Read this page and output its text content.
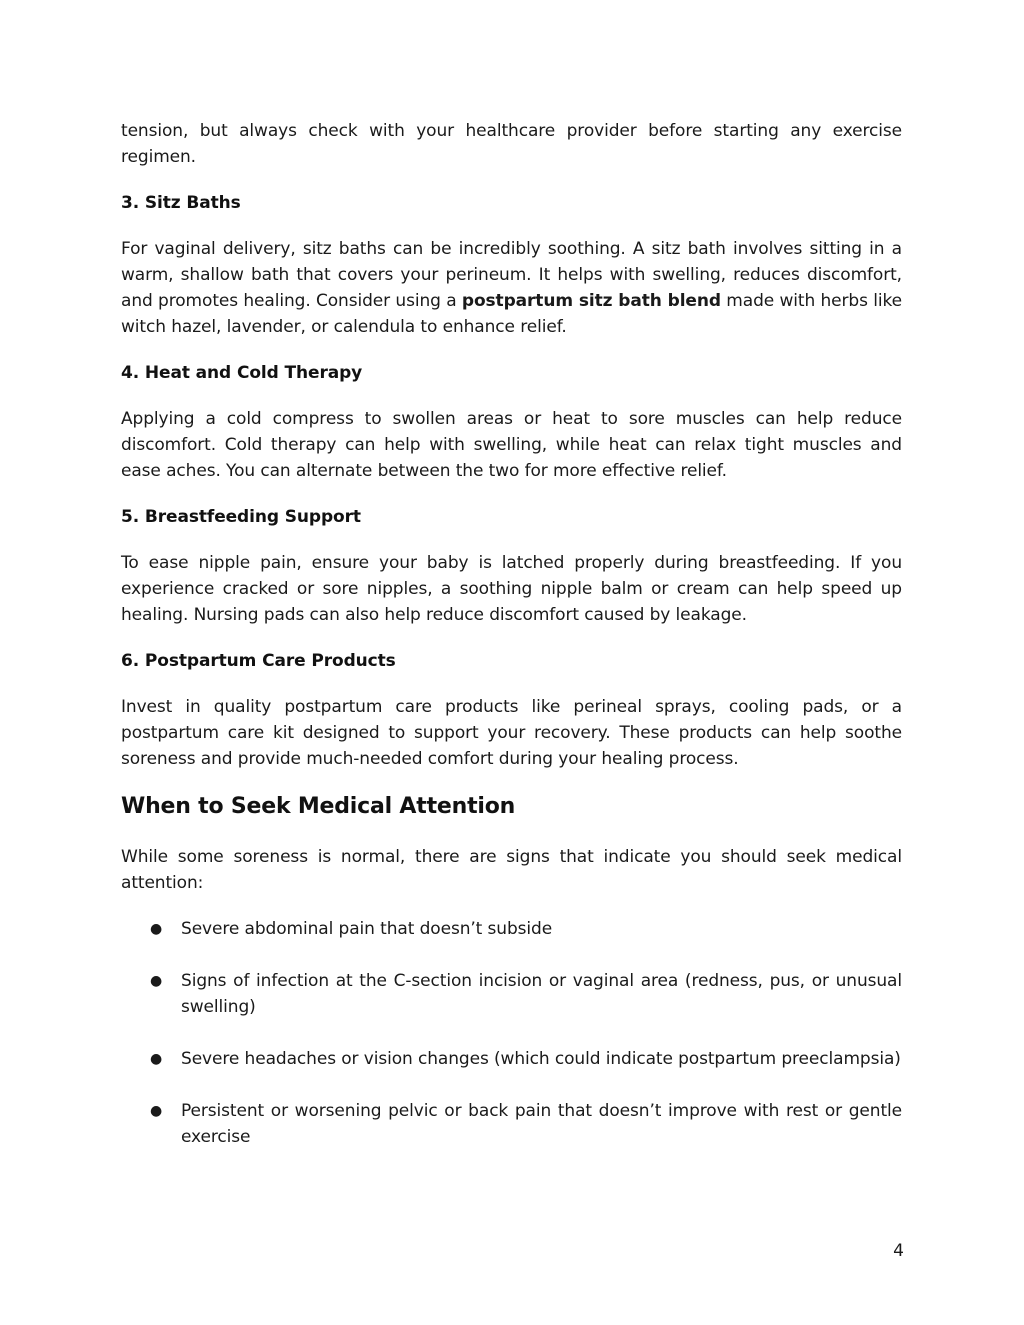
tension, but always check with your healthcare provider before starting any exercise regimen.

3. Sitz Baths

For vaginal delivery, sitz baths can be incredibly soothing. A sitz bath involves sitting in a warm, shallow bath that covers your perineum. It helps with swelling, reduces discomfort, and promotes healing. Consider using a postpartum sitz bath blend made with herbs like witch hazel, lavender, or calendula to enhance relief.

4. Heat and Cold Therapy

Applying a cold compress to swollen areas or heat to sore muscles can help reduce discomfort. Cold therapy can help with swelling, while heat can relax tight muscles and ease aches. You can alternate between the two for more effective relief.

5. Breastfeeding Support

To ease nipple pain, ensure your baby is latched properly during breastfeeding. If you experience cracked or sore nipples, a soothing nipple balm or cream can help speed up healing. Nursing pads can also help reduce discomfort caused by leakage.

6. Postpartum Care Products

Invest in quality postpartum care products like perineal sprays, cooling pads, or a postpartum care kit designed to support your recovery. These products can help soothe soreness and provide much-needed comfort during your healing process.

When to Seek Medical Attention

While some soreness is normal, there are signs that indicate you should seek medical attention:

● Severe abdominal pain that doesn’t subside
● Signs of infection at the C-section incision or vaginal area (redness, pus, or unusual swelling)
● Severe headaches or vision changes (which could indicate postpartum preeclampsia)
● Persistent or worsening pelvic or back pain that doesn’t improve with rest or gentle exercise
4
